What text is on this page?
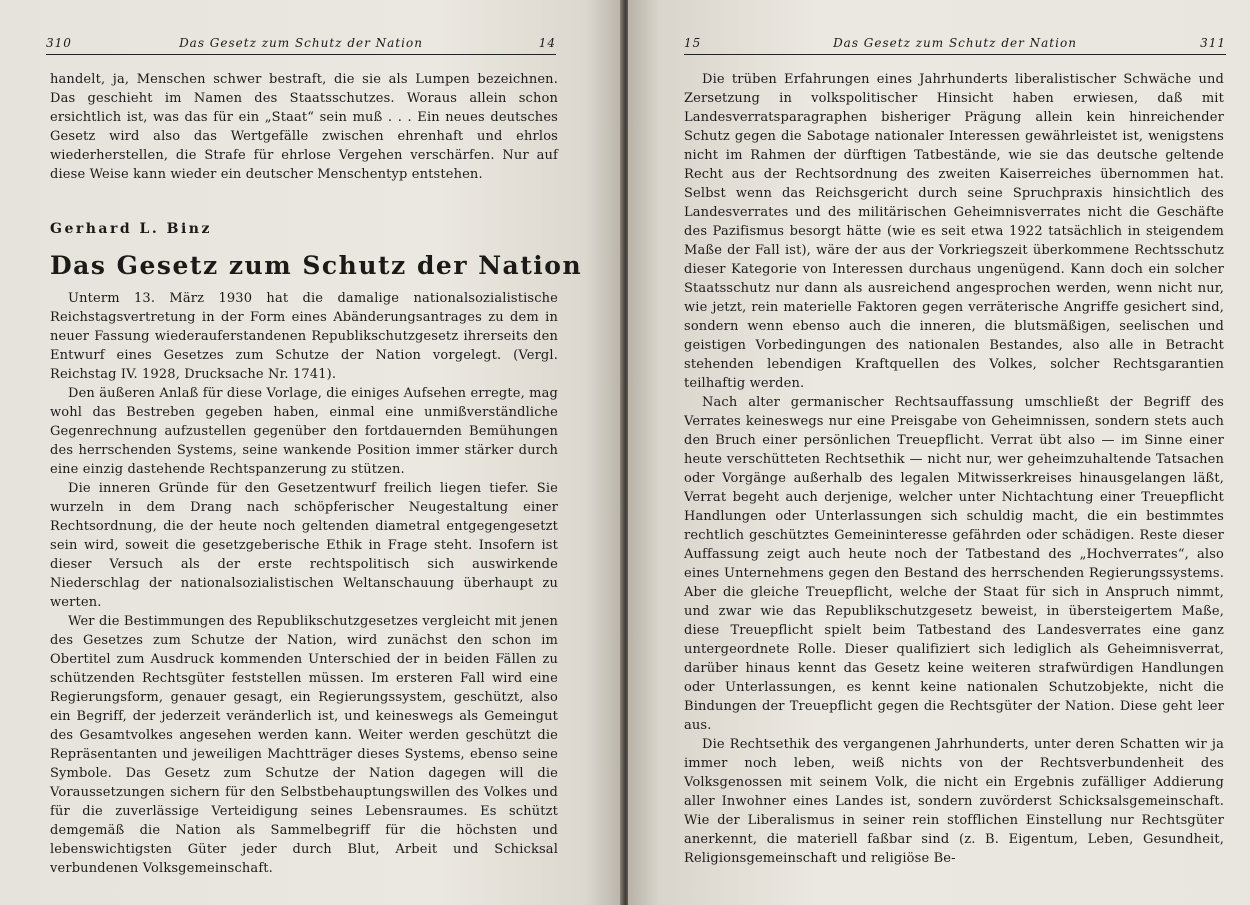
310	Das Gesetz zum Schutz der Nation	14

handelt, ja, Menschen schwer bestraft, die sie als Lumpen bezeichnen. Das geschieht im Namen des Staatsschutzes. Woraus allein schon ersichtlich ist, was das für ein „Staat“ sein muß . . . Ein neues deutsches Gesetz wird also das Wertgefälle zwischen ehrenhaft und ehrlos wiederherstellen, die Strafe für ehrlose Vergehen verschärfen. Nur auf diese Weise kann wieder ein deutscher Menschentyp entstehen.

Gerhard L. Binz

Das Gesetz zum Schutz der Nation

Unterm 13. März 1930 hat die damalige nationalsozialistische Reichstagsvertretung in der Form eines Abänderungsantrages zu dem in neuer Fassung wiederauferstandenen Republikschutzgesetz ihrerseits den Entwurf eines Gesetzes zum Schutze der Nation vorgelegt. (Vergl. Reichstag IV. 1928, Drucksache Nr. 1741).

Den äußeren Anlaß für diese Vorlage, die einiges Aufsehen erregte, mag wohl das Bestreben gegeben haben, einmal eine unmißverständliche Gegenrechnung aufzustellen gegenüber den fortdauernden Bemühungen des herrschenden Systems, seine wankende Position immer stärker durch eine einzig dastehende Rechtspanzerung zu stützen.

Die inneren Gründe für den Gesetzentwurf freilich liegen tiefer. Sie wurzeln in dem Drang nach schöpferischer Neugestaltung einer Rechtsordnung, die der heute noch geltenden diametral entgegengesetzt sein wird, soweit die gesetzgeberische Ethik in Frage steht. Insofern ist dieser Versuch als der erste rechtspolitisch sich auswirkende Niederschlag der nationalsozialistischen Weltanschauung überhaupt zu werten.

Wer die Bestimmungen des Republikschutzgesetzes vergleicht mit jenen des Gesetzes zum Schutze der Nation, wird zunächst den schon im Obertitel zum Ausdruck kommenden Unterschied der in beiden Fällen zu schützenden Rechtsgüter feststellen müssen. Im ersteren Fall wird eine Regierungsform, genauer gesagt, ein Regierungssystem, geschützt, also ein Begriff, der jederzeit veränderlich ist, und keineswegs als Gemeingut des Gesamtvolkes angesehen werden kann. Weiter werden geschützt die Repräsentanten und jeweiligen Machtträger dieses Systems, ebenso seine Symbole. Das Gesetz zum Schutze der Nation dagegen will die Voraussetzungen sichern für den Selbstbehauptungswillen des Volkes und für die zuverlässige Verteidigung seines Lebensraumes. Es schützt demgemäß die Nation als Sammelbegriff für die höchsten und lebenswichtigsten Güter jeder durch Blut, Arbeit und Schicksal verbundenen Volksgemeinschaft.

15	Das Gesetz zum Schutz der Nation	311

Die trüben Erfahrungen eines Jahrhunderts liberalistischer Schwäche und Zersetzung in volkspolitischer Hinsicht haben erwiesen, daß mit Landesverratsparagraphen bisheriger Prägung allein kein hinreichender Schutz gegen die Sabotage nationaler Interessen gewährleistet ist, wenigstens nicht im Rahmen der dürftigen Tatbestände, wie sie das deutsche geltende Recht aus der Rechtsordnung des zweiten Kaiserreiches übernommen hat. Selbst wenn das Reichsgericht durch seine Spruchpraxis hinsichtlich des Landesverrates und des militärischen Geheimnisverrates nicht die Geschäfte des Pazifismus besorgt hätte (wie es seit etwa 1922 tatsächlich in steigendem Maße der Fall ist), wäre der aus der Vorkriegszeit überkommene Rechtsschutz dieser Kategorie von Interessen durchaus ungenügend. Kann doch ein solcher Staatsschutz nur dann als ausreichend angesprochen werden, wenn nicht nur, wie jetzt, rein materielle Faktoren gegen verräterische Angriffe gesichert sind, sondern wenn ebenso auch die inneren, die blutsmäßigen, seelischen und geistigen Vorbedingungen des nationalen Bestandes, also alle in Betracht stehenden lebendigen Kraftquellen des Volkes, solcher Rechtsgarantien teilhaftig werden.

Nach alter germanischer Rechtsauffassung umschließt der Begriff des Verrates keineswegs nur eine Preisgabe von Geheimnissen, sondern stets auch den Bruch einer persönlichen Treuepflicht. Verrat übt also — im Sinne einer heute verschütteten Rechtsethik — nicht nur, wer geheimzuhaltende Tatsachen oder Vorgänge außerhalb des legalen Mitwisserkreises hinausgelangen läßt, Verrat begeht auch derjenige, welcher unter Nichtachtung einer Treuepflicht Handlungen oder Unterlassungen sich schuldig macht, die ein bestimmtes rechtlich geschütztes Gemeininteresse gefährden oder schädigen. Reste dieser Auffassung zeigt auch heute noch der Tatbestand des „Hochverrates“, also eines Unternehmens gegen den Bestand des herrschenden Regierungssystems. Aber die gleiche Treuepflicht, welche der Staat für sich in Anspruch nimmt, und zwar wie das Republikschutzgesetz beweist, in übersteigertem Maße, diese Treuepflicht spielt beim Tatbestand des Landesverrates eine ganz untergeordnete Rolle. Dieser qualifiziert sich lediglich als Geheimnisverrat, darüber hinaus kennt das Gesetz keine weiteren strafwürdigen Handlungen oder Unterlassungen, es kennt keine nationalen Schutzobjekte, nicht die Bindungen der Treuepflicht gegen die Rechtsgüter der Nation. Diese geht leer aus.

Die Rechtsethik des vergangenen Jahrhunderts, unter deren Schatten wir ja immer noch leben, weiß nichts von der Rechtsverbundenheit des Volksgenossen mit seinem Volk, die nicht ein Ergebnis zufälliger Addierung aller Inwohner eines Landes ist, sondern zuvörderst Schicksalsgemeinschaft. Wie der Liberalismus in seiner rein stofflichen Einstellung nur Rechtsgüter anerkennt, die materiell faßbar sind (z. B. Eigentum, Leben, Gesundheit, Religionsgemeinschaft und religiöse Be-
